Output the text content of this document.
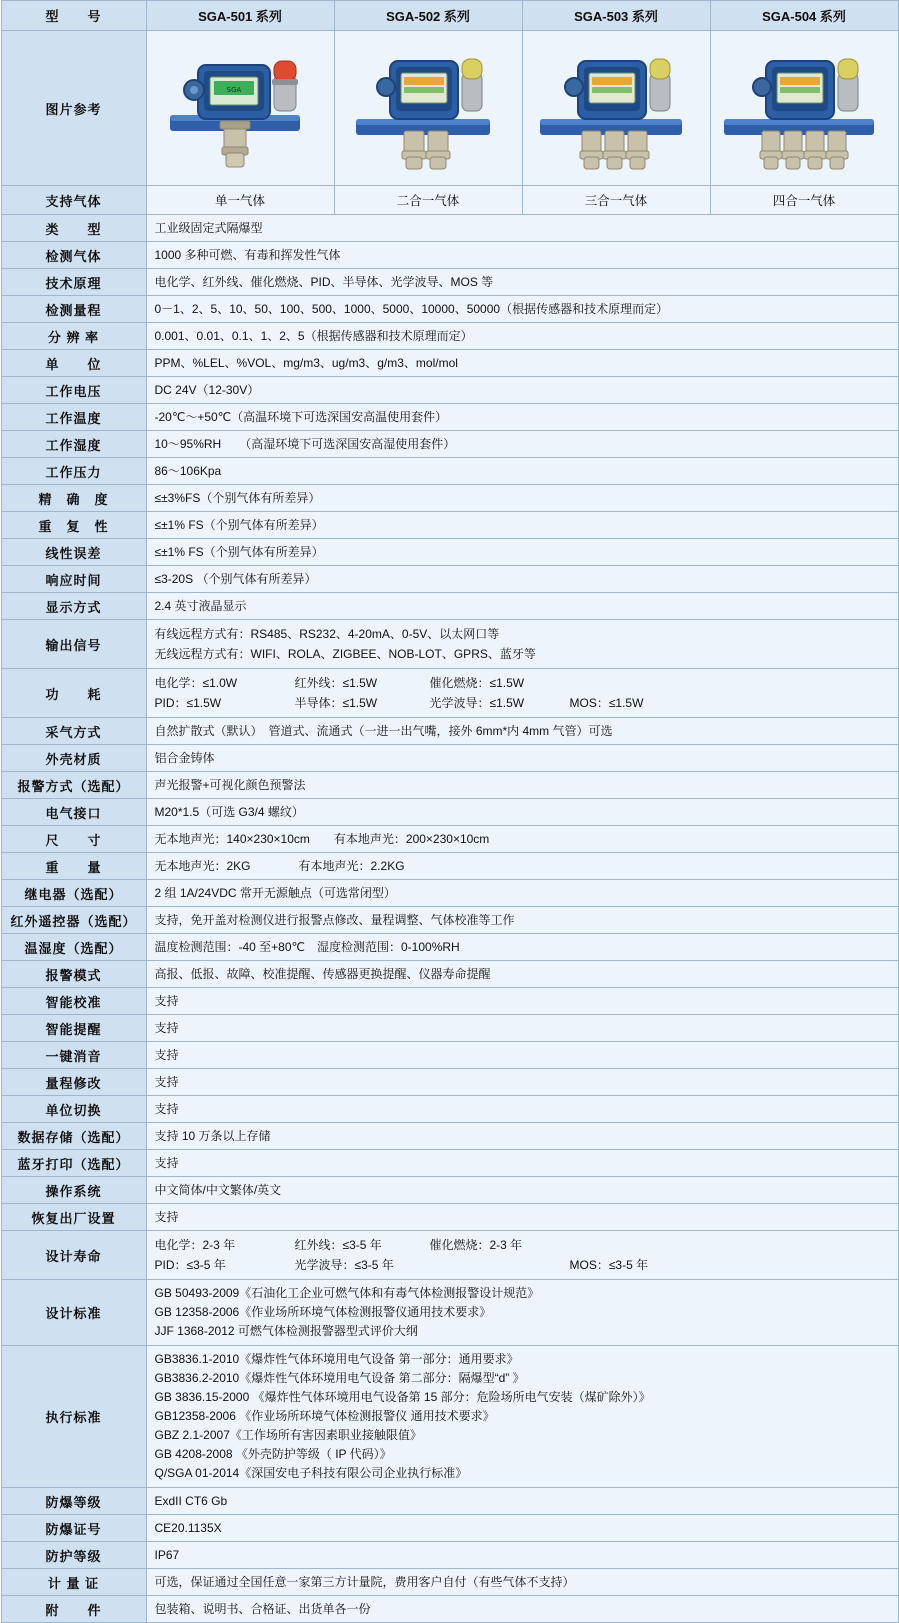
型　　号	SGA-501 系列	SGA-502 系列	SGA-503 系列	SGA-504 系列
图片参考	SGA

支持气体	单一气体	二合一气体	三合一气体	四合一气体
类　　型	工业级固定式隔爆型			
检测气体	1000 多种可燃、有毒和挥发性气体			
技术原理	电化学、红外线、催化燃烧、PID、半导体、光学波导、MOS 等			
检测量程	0－1、2、5、10、50、100、500、1000、5000、10000、50000（根据传感器和技术原理而定）			
分 辨 率	0.001、0.01、0.1、1、2、5（根据传感器和技术原理而定）			
单　　位	PPM、%LEL、%VOL、mg/m3、ug/m3、g/m3、mol/mol			
工作电压	DC 24V（12-30V）			
工作温度	-20℃～+50℃（高温环境下可选深国安高温使用套件）			
工作湿度	10～95%RH　　（高湿环境下可选深国安高湿使用套件）			
工作压力	86～106Kpa			
精　确　度	≤±3%FS（个别气体有所差异）			
重　复　性	≤±1% FS（个别气体有所差异）			
线性误差	≤±1% FS（个别气体有所差异）			
响应时间	≤3-20S （个别气体有所差异）			
显示方式	2.4 英寸液晶显示			
输出信号	有线远程方式有：RS485、RS232、4-20mA、0-5V、以太网口等
无线远程方式有：WIFI、ROLA、ZIGBEE、NOB-LOT、GPRS、蓝牙等			

功　　耗	
电化学：≤1.0W	红外线：≤1.5W	催化燃烧：≤1.5W
PID：≤1.5W	半导体：≤1.5W	光学波导：≤1.5W	MOS：≤1.5W

采气方式	自然扩散式（默认）　管道式、流通式（一进一出气嘴，接外 6mm*内 4mm 气管）可选			
外壳材质	铝合金铸体			
报警方式（选配）	声光报警+可视化颜色预警法			
电气接口	M20*1.5（可选 G3/4 螺纹）			
尺　　寸	无本地声光：140×230×10cm　　有本地声光：200×230×10cm			
重　　量	无本地声光：2KG　　　　有本地声光：2.2KG			
继电器（选配）	2 组 1A/24VDC 常开无源触点（可选常闭型）			
红外遥控器（选配）	支持，免开盖对检测仪进行报警点修改、量程调整、气体校准等工作			
温湿度（选配）	温度检测范围：-40 至+80℃　湿度检测范围：0-100%RH			
报警模式	高报、低报、故障、校准提醒、传感器更换提醒、仪器寿命提醒			
智能校准	支持			
智能提醒	支持			
一键消音	支持			
量程修改	支持			
单位切换	支持			
数据存储（选配）	支持 10 万条以上存储			
蓝牙打印（选配）	支持			
操作系统	中文简体/中文繁体/英文			
恢复出厂设置	支持			
设计寿命	
电化学：2-3 年	红外线：≤3-5 年	催化燃烧：2-3 年
PID：≤3-5 年	光学波导：≤3-5 年	MOS：≤3-5 年

设计标准	GB 50493-2009《石油化工企业可燃气体和有毒气体检测报警设计规范》
GB 12358-2006《作业场所环境气体检测报警仪通用技术要求》
JJF 1368-2012 可燃气体检测报警器型式评价大纲			

执行标准	
GB3836.1-2010《爆炸性气体环境用电气设备 第一部分：通用要求》
GB3836.2-2010《爆炸性气体环境用电气设备 第二部分：隔爆型“d” 》
GB 3836.15-2000 《爆炸性气体环境用电气设备第 15 部分：危险场所电气安装（煤矿除外）》
GB12358-2006 《作业场所环境气体检测报警仪 通用技术要求》
GBZ 2.1-2007《工作场所有害因素职业接触限值》
GB 4208-2008 《外壳防护等级（ IP 代码）》
Q/SGA 01-2014《深国安电子科技有限公司企业执行标准》

防爆等级	ExdII CT6 Gb			
防爆证号	CE20.1135X			
防护等级	IP67			
计 量 证	可选，保证通过全国任意一家第三方计量院，费用客户自付（有些气体不支持）			
附　　件	包装箱、说明书、合格证、出货单各一份			
